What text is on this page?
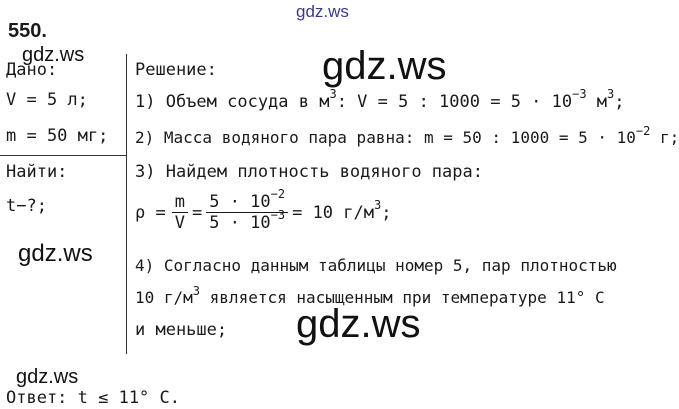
gdz.ws
gdz.ws	gdz.ws
gdz.ws
gdz.ws
gdz.ws
550.
Дано:
V = 5 л;
m = 50 мг;
Найти:
t−?;
Решение:
1) Объем сосуда в $м^3$: V = 5 : $1000 = 5 \cdot 10^{-3}$ $м^3$;
2) Масса водяного пара равна: m = 50 : $1000 = 5 \cdot 10^{-2}$ г;
3) Найдем плотность водяного пара:
$\rho = \frac{m}{V} = \frac{5 \cdot 10^{-2}}{5 \cdot 10^{-3}} = 10$ $г/м^3$;
4) Согласно данным таблицы номер 5, пар плотностью
10 $г/м^3$ является насыщенным при температуре 11° C
и меньше;
Ответ: t ≤ 11° C.
